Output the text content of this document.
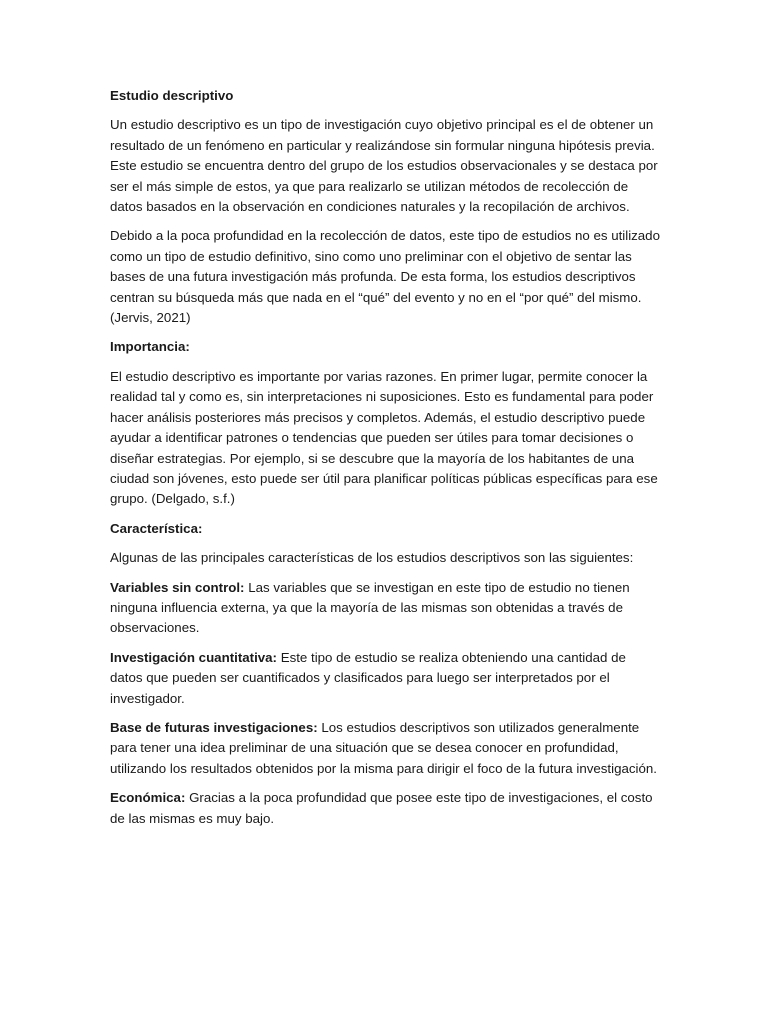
Estudio descriptivo

Un estudio descriptivo es un tipo de investigación cuyo objetivo principal es el de obtener un resultado de un fenómeno en particular y realizándose sin formular ninguna hipótesis previa. Este estudio se encuentra dentro del grupo de los estudios observacionales y se destaca por ser el más simple de estos, ya que para realizarlo se utilizan métodos de recolección de datos basados en la observación en condiciones naturales y la recopilación de archivos.

Debido a la poca profundidad en la recolección de datos, este tipo de estudios no es utilizado como un tipo de estudio definitivo, sino como uno preliminar con el objetivo de sentar las bases de una futura investigación más profunda. De esta forma, los estudios descriptivos centran su búsqueda más que nada en el “qué” del evento y no en el “por qué” del mismo. (Jervis, 2021)

Importancia:

El estudio descriptivo es importante por varias razones. En primer lugar, permite conocer la realidad tal y como es, sin interpretaciones ni suposiciones. Esto es fundamental para poder hacer análisis posteriores más precisos y completos. Además, el estudio descriptivo puede ayudar a identificar patrones o tendencias que pueden ser útiles para tomar decisiones o diseñar estrategias. Por ejemplo, si se descubre que la mayoría de los habitantes de una ciudad son jóvenes, esto puede ser útil para planificar políticas públicas específicas para ese grupo. (Delgado, s.f.)

Característica:

Algunas de las principales características de los estudios descriptivos son las siguientes:

Variables sin control: Las variables que se investigan en este tipo de estudio no tienen ninguna influencia externa, ya que la mayoría de las mismas son obtenidas a través de observaciones.

Investigación cuantitativa: Este tipo de estudio se realiza obteniendo una cantidad de datos que pueden ser cuantificados y clasificados para luego ser interpretados por el investigador.

Base de futuras investigaciones: Los estudios descriptivos son utilizados generalmente para tener una idea preliminar de una situación que se desea conocer en profundidad, utilizando los resultados obtenidos por la misma para dirigir el foco de la futura investigación.

Económica: Gracias a la poca profundidad que posee este tipo de investigaciones, el costo de las mismas es muy bajo.
